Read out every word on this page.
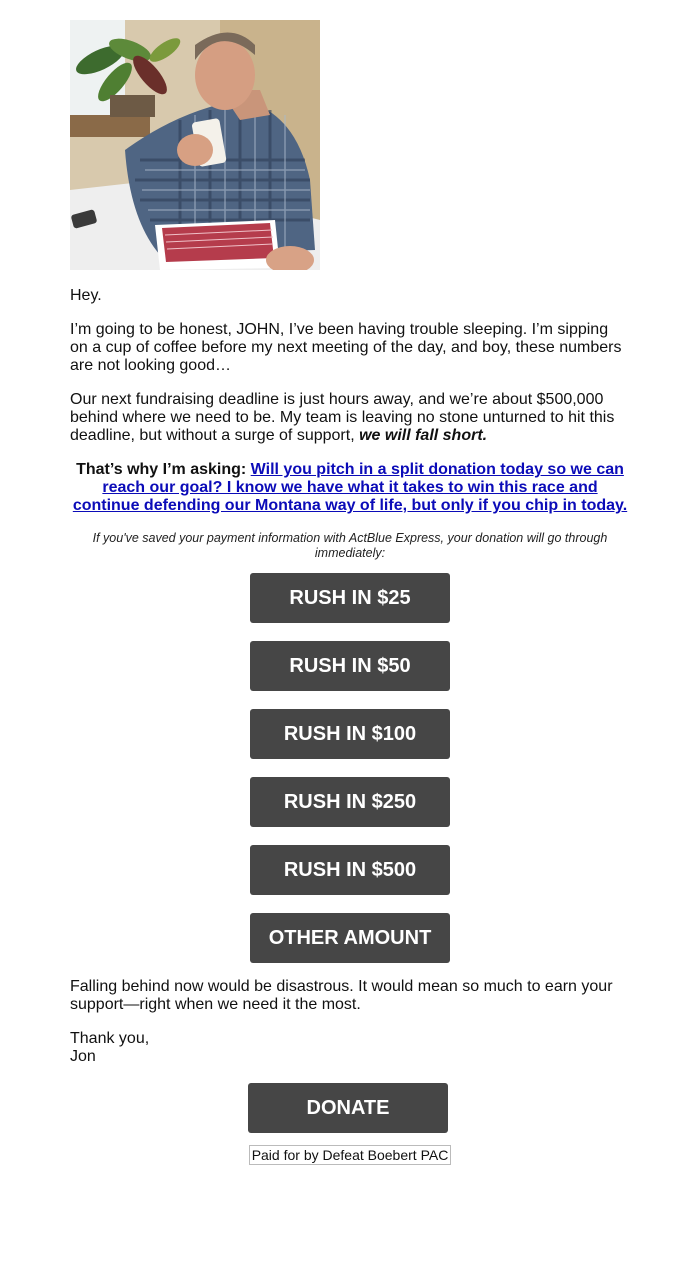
Hey.

I’m going to be honest, JOHN, I’ve been having trouble sleeping. I’m sipping on a cup of coffee before my next meeting of the day, and boy, these numbers are not looking good…

Our next fundraising deadline is just hours away, and we’re about $500,000 behind where we need to be. My team is leaving no stone unturned to hit this deadline, but without a surge of support, we will fall short.

That’s why I’m asking: Will you pitch in a split donation today so we can reach our goal? I know we have what it takes to win this race and continue defending our Montana way of life, but only if you chip in today.

If you've saved your payment information with ActBlue Express, your donation will go through immediately:

RUSH IN $25
RUSH IN $50
RUSH IN $100
RUSH IN $250
RUSH IN $500
OTHER AMOUNT

Falling behind now would be disastrous. It would mean so much to earn your support—right when we need it the most.

Thank you,
Jon

DONATE
Paid for by Defeat Boebert PAC
